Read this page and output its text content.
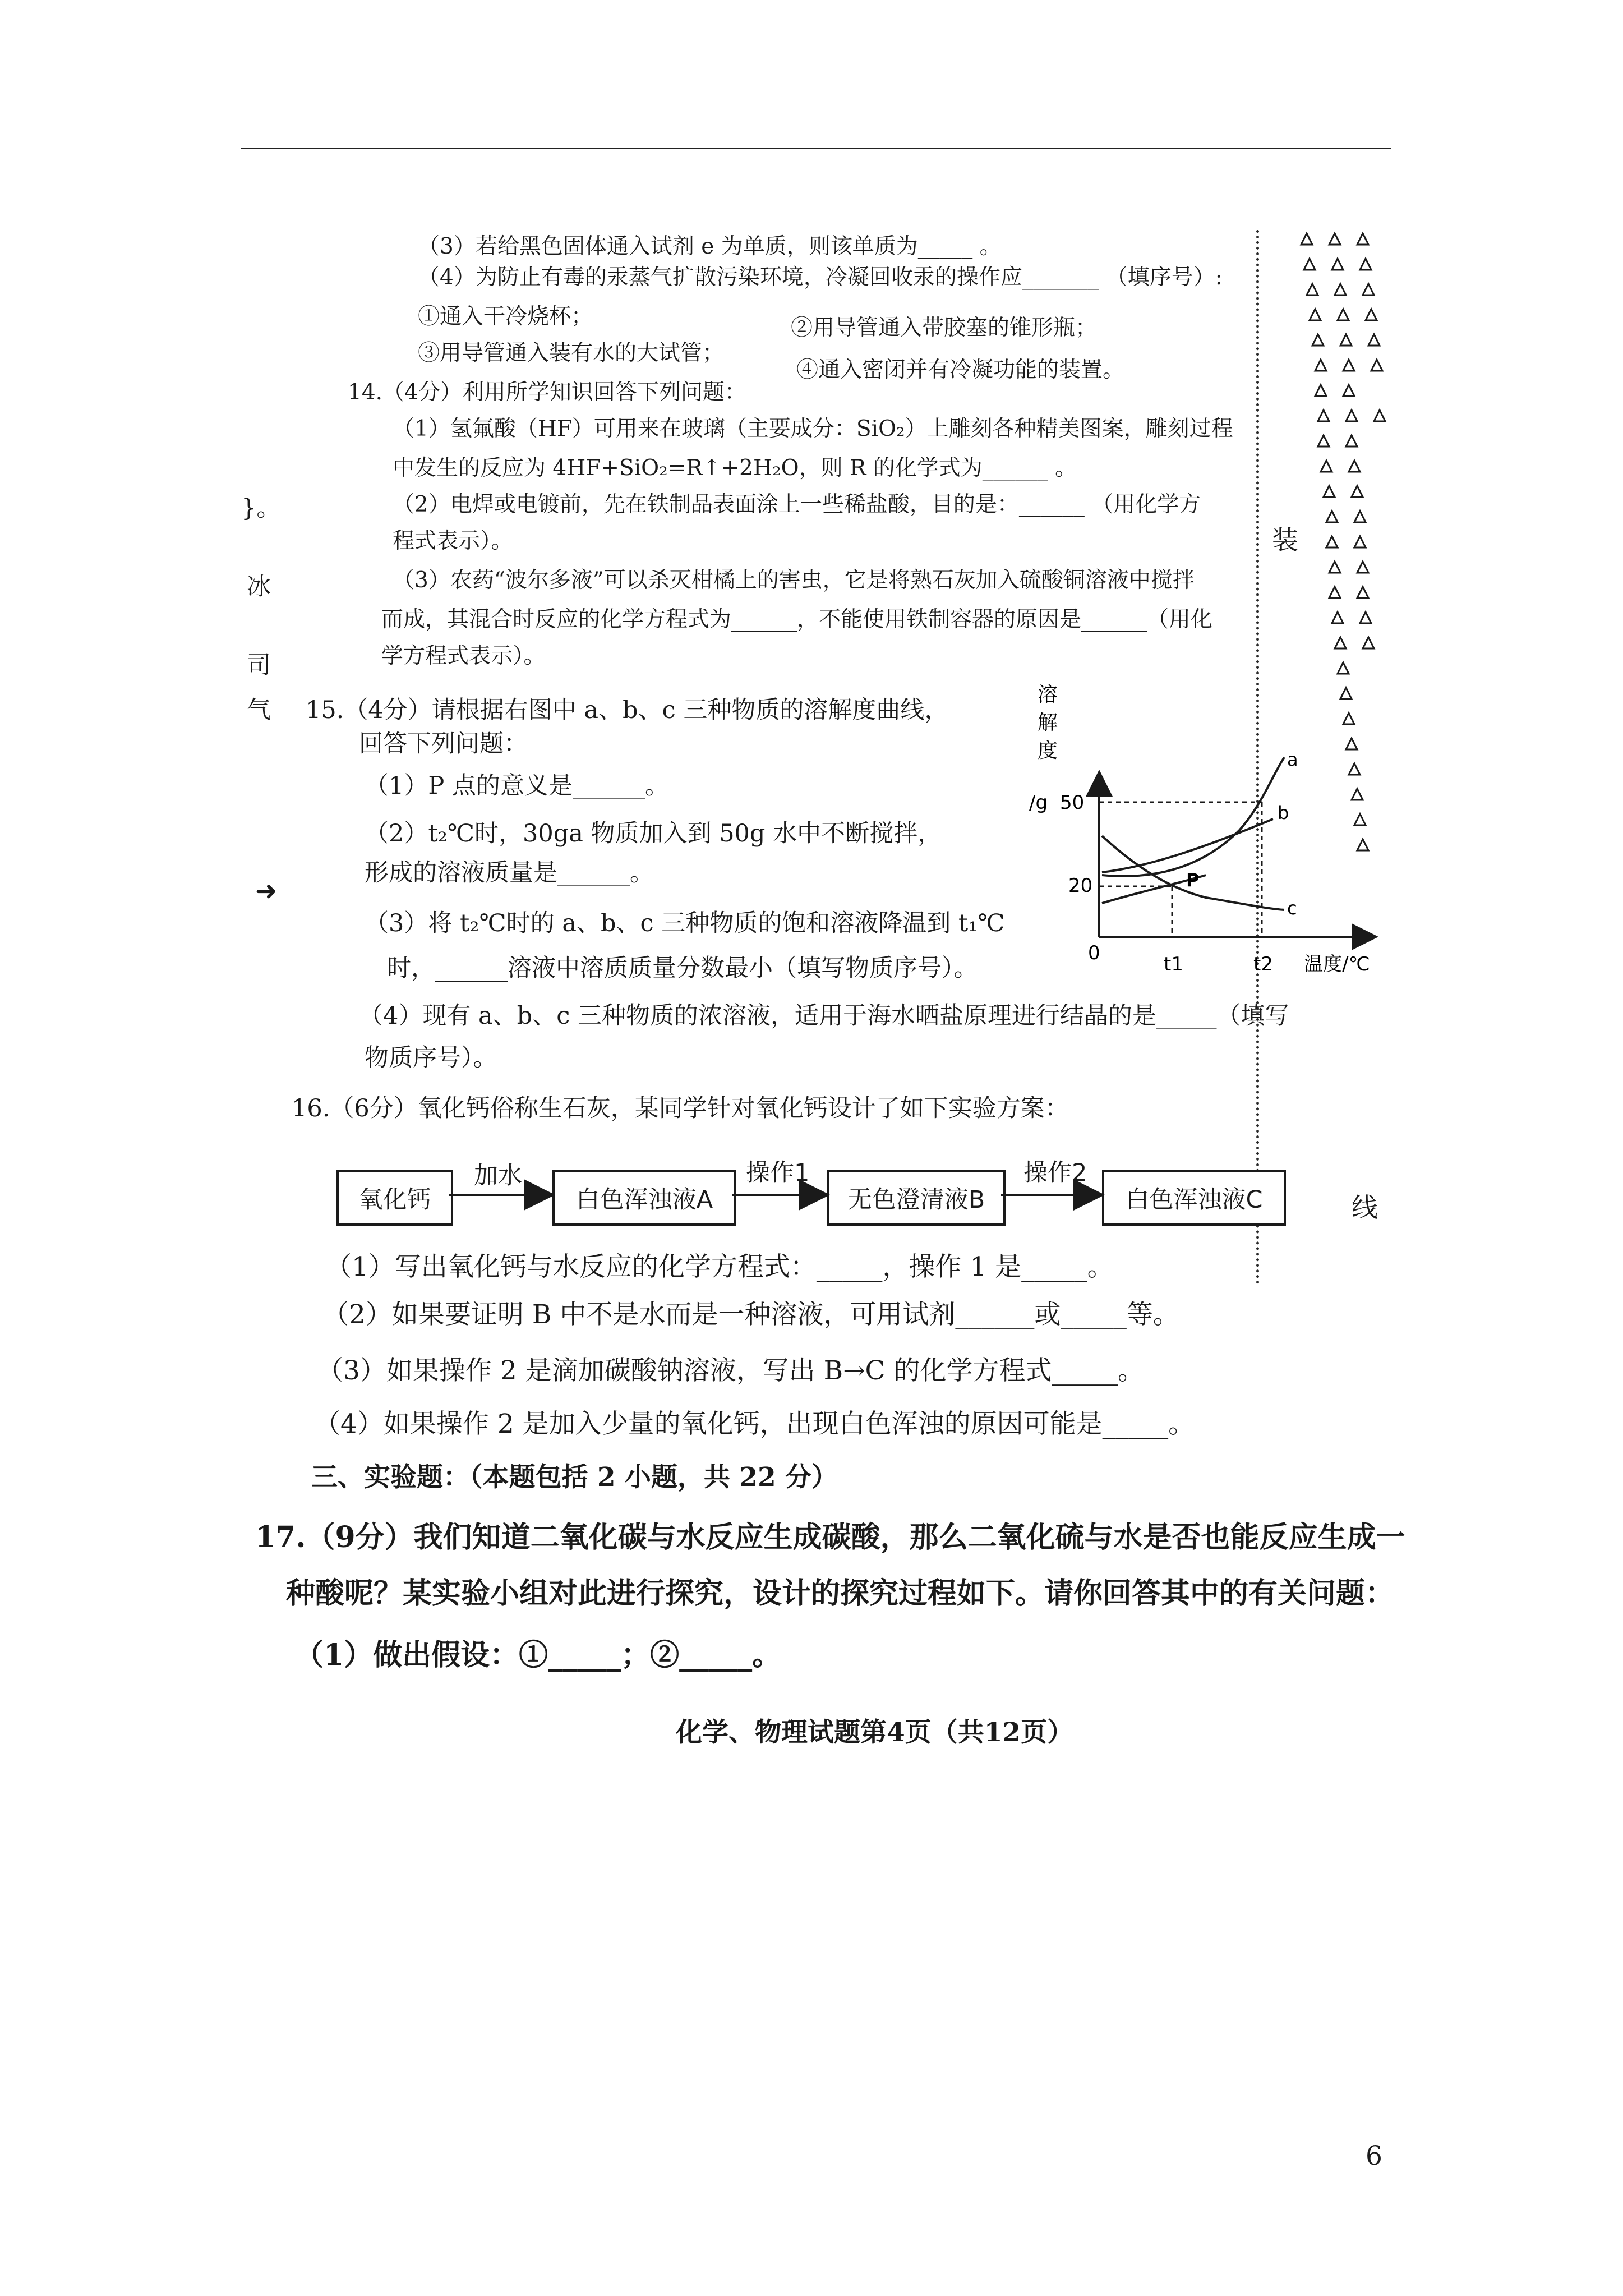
装
线
}。
冰
司
气
➜
（3）若给黑色固体通入试剂 e 为单质，则该单质为_____ 。
（4）为防止有毒的汞蒸气扩散污染环境，冷凝回收汞的操作应_______ （填序号）:
①通入干冷烧杯；	②用导管通入带胶塞的锥形瓶；
③用导管通入装有水的大试管；
④通入密闭并有冷凝功能的装置。
14.（4分）利用所学知识回答下列问题：
（1）氢氟酸（HF）可用来在玻璃（主要成分：SiO₂）上雕刻各种精美图案，雕刻过程
中发生的反应为 4HF+SiO₂=R↑+2H₂O，则 R 的化学式为______ 。
（2）电焊或电镀前，先在铁制品表面涂上一些稀盐酸，目的是：______ （用化学方
程式表示）。
（3）农药“波尔多液”可以杀灭柑橘上的害虫，它是将熟石灰加入硫酸铜溶液中搅拌
而成，其混合时反应的化学方程式为______，不能使用铁制容器的原因是______（用化
学方程式表示）。
15.（4分）请根据右图中 a、b、c 三种物质的溶解度曲线，
回答下列问题：
（1）P 点的意义是______。
（2）t₂℃时，30ga 物质加入到 50g 水中不断搅拌，
形成的溶液质量是______。
（3）将 t₂℃时的 a、b、c 三种物质的饱和溶液降温到 t₁℃
时，______溶液中溶质质量分数最小（填写物质序号）。
（4）现有 a、b、c 三种物质的浓溶液，适用于海水晒盐原理进行结晶的是_____（填写
物质序号）。
溶
解
度
/g 50
20
0	t1	t2 温度/℃
a
b
c
P
16.（6分）氧化钙俗称生石灰，某同学针对氧化钙设计了如下实验方案：
氧化钙	白色浑浊液A	无色澄清液B	白色浑浊液C
加水	操作1	操作2
（1）写出氧化钙与水反应的化学方程式：_____，操作 1 是_____。
（2）如果要证明 B 中不是水而是一种溶液，可用试剂______或_____等。
（3）如果操作 2 是滴加碳酸钠溶液，写出 B→C 的化学方程式_____。
（4）如果操作 2 是加入少量的氧化钙，出现白色浑浊的原因可能是_____。
三、实验题：（本题包括 2 小题，共 22 分）
17.（9分）我们知道二氧化碳与水反应生成碳酸，那么二氧化硫与水是否也能反应生成一
种酸呢？某实验小组对此进行探究，设计的探究过程如下。请你回答其中的有关问题：
（1）做出假设：①_____；②_____。
化学、物理试题第4页（共12页）
6
